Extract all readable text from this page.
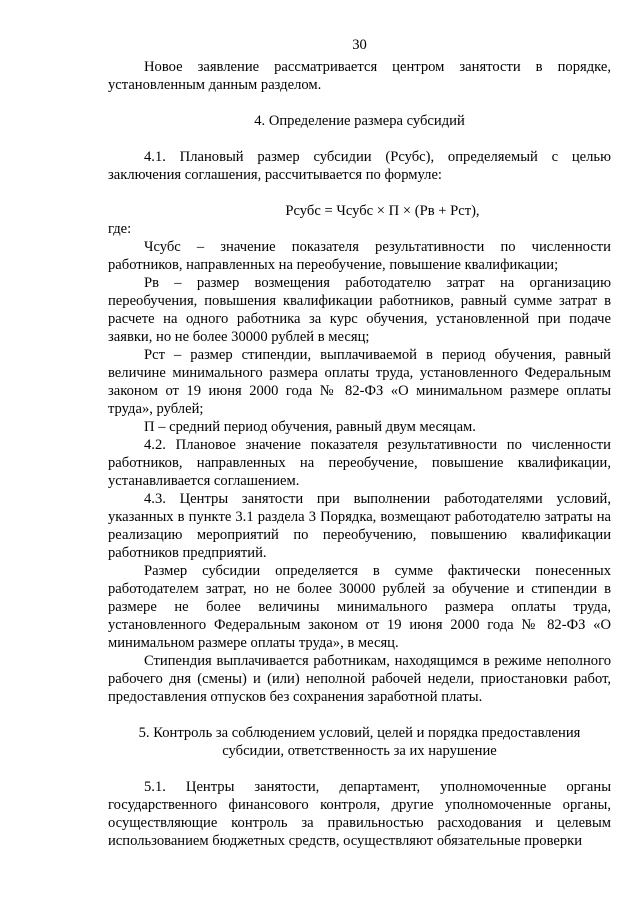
30

Новое заявление рассматривается центром занятости в порядке, установленным данным разделом.

4. Определение размера субсидий

4.1. Плановый размер субсидии (Рсубс), определяемый с целью заключения соглашения, рассчитывается по формуле:

Рсубс = Чсубс × П × (Рв + Рст),

где:

Чсубс – значение показателя результативности по численности работников, направленных на переобучение, повышение квалификации;

Рв – размер возмещения работодателю затрат на организацию переобучения, повышения квалификации работников, равный сумме затрат в расчете на одного работника за курс обучения, установленной при подаче заявки, но не более 30000 рублей в месяц;

Рст – размер стипендии, выплачиваемой в период обучения, равный величине минимального размера оплаты труда, установленного Федеральным законом от 19 июня 2000 года № 82-ФЗ «О минимальном размере оплаты труда», рублей;

П – средний период обучения, равный двум месяцам.

4.2. Плановое значение показателя результативности по численности работников, направленных на переобучение, повышение квалификации, устанавливается соглашением.

4.3. Центры занятости при выполнении работодателями условий, указанных в пункте 3.1 раздела 3 Порядка, возмещают работодателю затраты на реализацию мероприятий по переобучению, повышению квалификации работников предприятий.

Размер субсидии определяется в сумме фактически понесенных работодателем затрат, но не более 30000 рублей за обучение и стипендии в размере не более величины минимального размера оплаты труда, установленного Федеральным законом от 19 июня 2000 года № 82-ФЗ «О минимальном размере оплаты труда», в месяц.

Стипендия выплачивается работникам, находящимся в режиме неполного рабочего дня (смены) и (или) неполной рабочей недели, приостановки работ, предоставления отпусков без сохранения заработной платы.

5. Контроль за соблюдением условий, целей и порядка предоставления

субсидии, ответственность за их нарушение

5.1. Центры занятости, департамент, уполномоченные органы государственного финансового контроля, другие уполномоченные органы, осуществляющие контроль за правильностью расходования и целевым использованием бюджетных средств, осуществляют обязательные проверки
